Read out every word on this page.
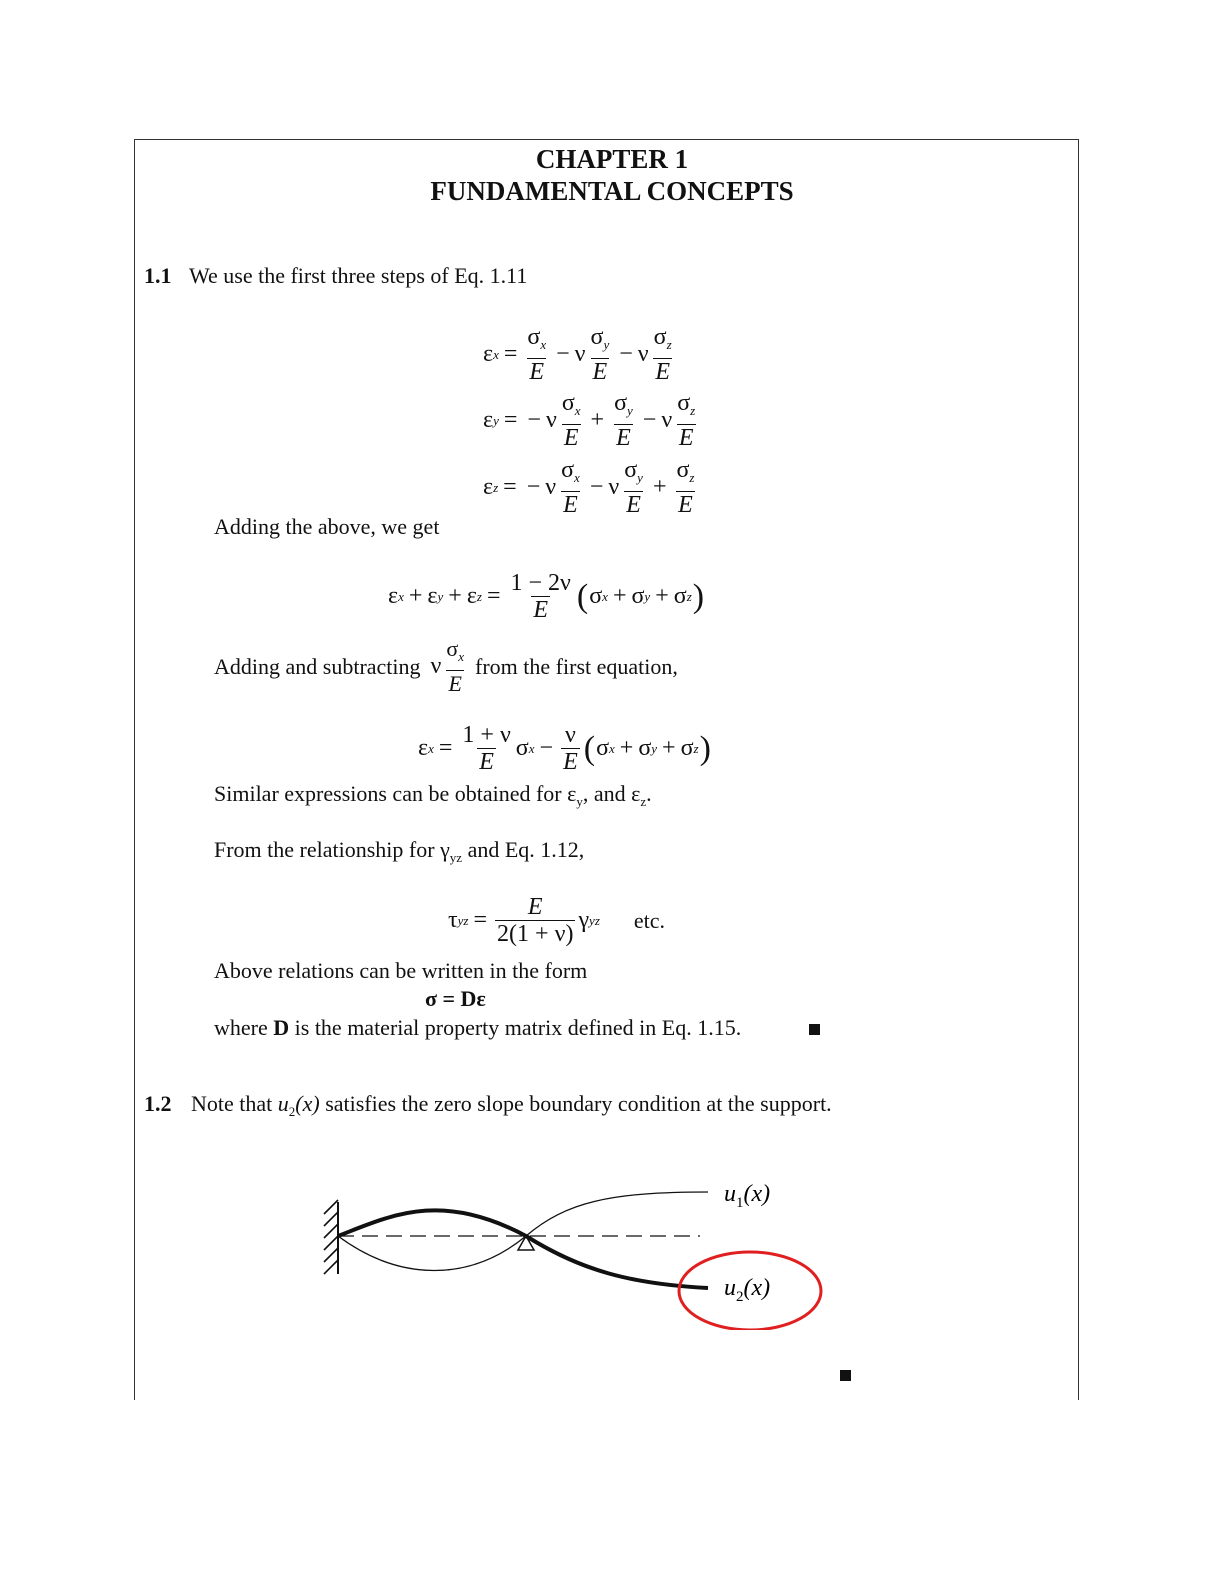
CHAPTER 1
FUNDAMENTAL CONCEPTS
1.1 We use the first three steps of Eq. 1.11
ε $x = \frac{\sigma_x}{E} - \nu \frac{\sigma_y}{E} - \nu \frac{\sigma_z}{E}$
ε y = − ν $\frac{\sigma_x}{E} + \frac{\sigma_y}{E} - \nu \frac{\sigma_z}{E}$
ε z = − ν $\frac{\sigma_x}{E} - \nu \frac{\sigma_y}{E} + \frac{\sigma_z}{E}$
Adding the above, we get
ε x + ε y + ε $z = \frac{1 - 2\nu}{E}$ ( σ x + σ y + σ z )
Adding and subtracting ν $\frac{\sigma_x}{E}$ from the first equation,
ε $x = \frac{1 + \nu}{E}$ σ $x - \frac{\nu}{E}$ ( σ x + σ y + σ z )
Similar expressions can be obtained for $\varepsilon_y$, and $\varepsilon_z$.
From the relationship for $\gamma_{yz}$ and Eq. 1.12,
τ yz = $\frac{E}{2(1 + \nu)}$ γ yz etc.
Above relations can be written in the form
σ = Dε
where D is the material property matrix defined in Eq. 1.15.
1.2 Note that $u_2(x)$ satisfies the zero slope boundary condition at the support.
$u_1(x)$
$u_2(x)$
